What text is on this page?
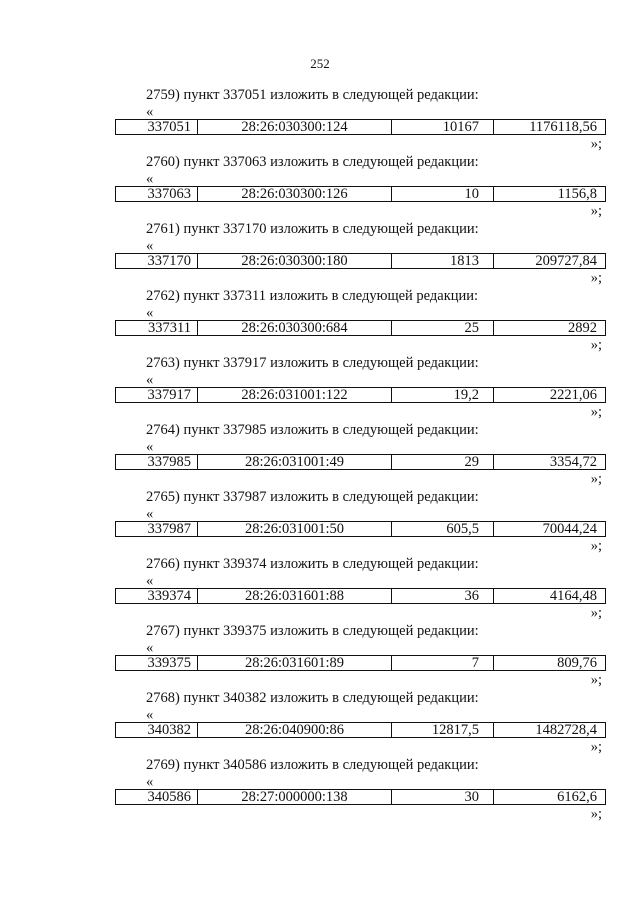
252
2759) пункт 337051 изложить в следующей редакции:
«
337051	28:26:030300:124	10167	1176118,56
»;
2760) пункт 337063 изложить в следующей редакции:
«
337063	28:26:030300:126	10	1156,8
»;
2761) пункт 337170 изложить в следующей редакции:
«
337170	28:26:030300:180	1813	209727,84
»;
2762) пункт 337311 изложить в следующей редакции:
«
337311	28:26:030300:684	25	2892
»;
2763) пункт 337917 изложить в следующей редакции:
«
337917	28:26:031001:122	19,2	2221,06
»;
2764) пункт 337985 изложить в следующей редакции:
«
337985	28:26:031001:49	29	3354,72
»;
2765) пункт 337987 изложить в следующей редакции:
«
337987	28:26:031001:50	605,5	70044,24
»;
2766) пункт 339374 изложить в следующей редакции:
«
339374	28:26:031601:88	36	4164,48
»;
2767) пункт 339375 изложить в следующей редакции:
«
339375	28:26:031601:89	7	809,76
»;
2768) пункт 340382 изложить в следующей редакции:
«
340382	28:26:040900:86	12817,5	1482728,4
»;
2769) пункт 340586 изложить в следующей редакции:
«
340586	28:27:000000:138	30	6162,6
»;
